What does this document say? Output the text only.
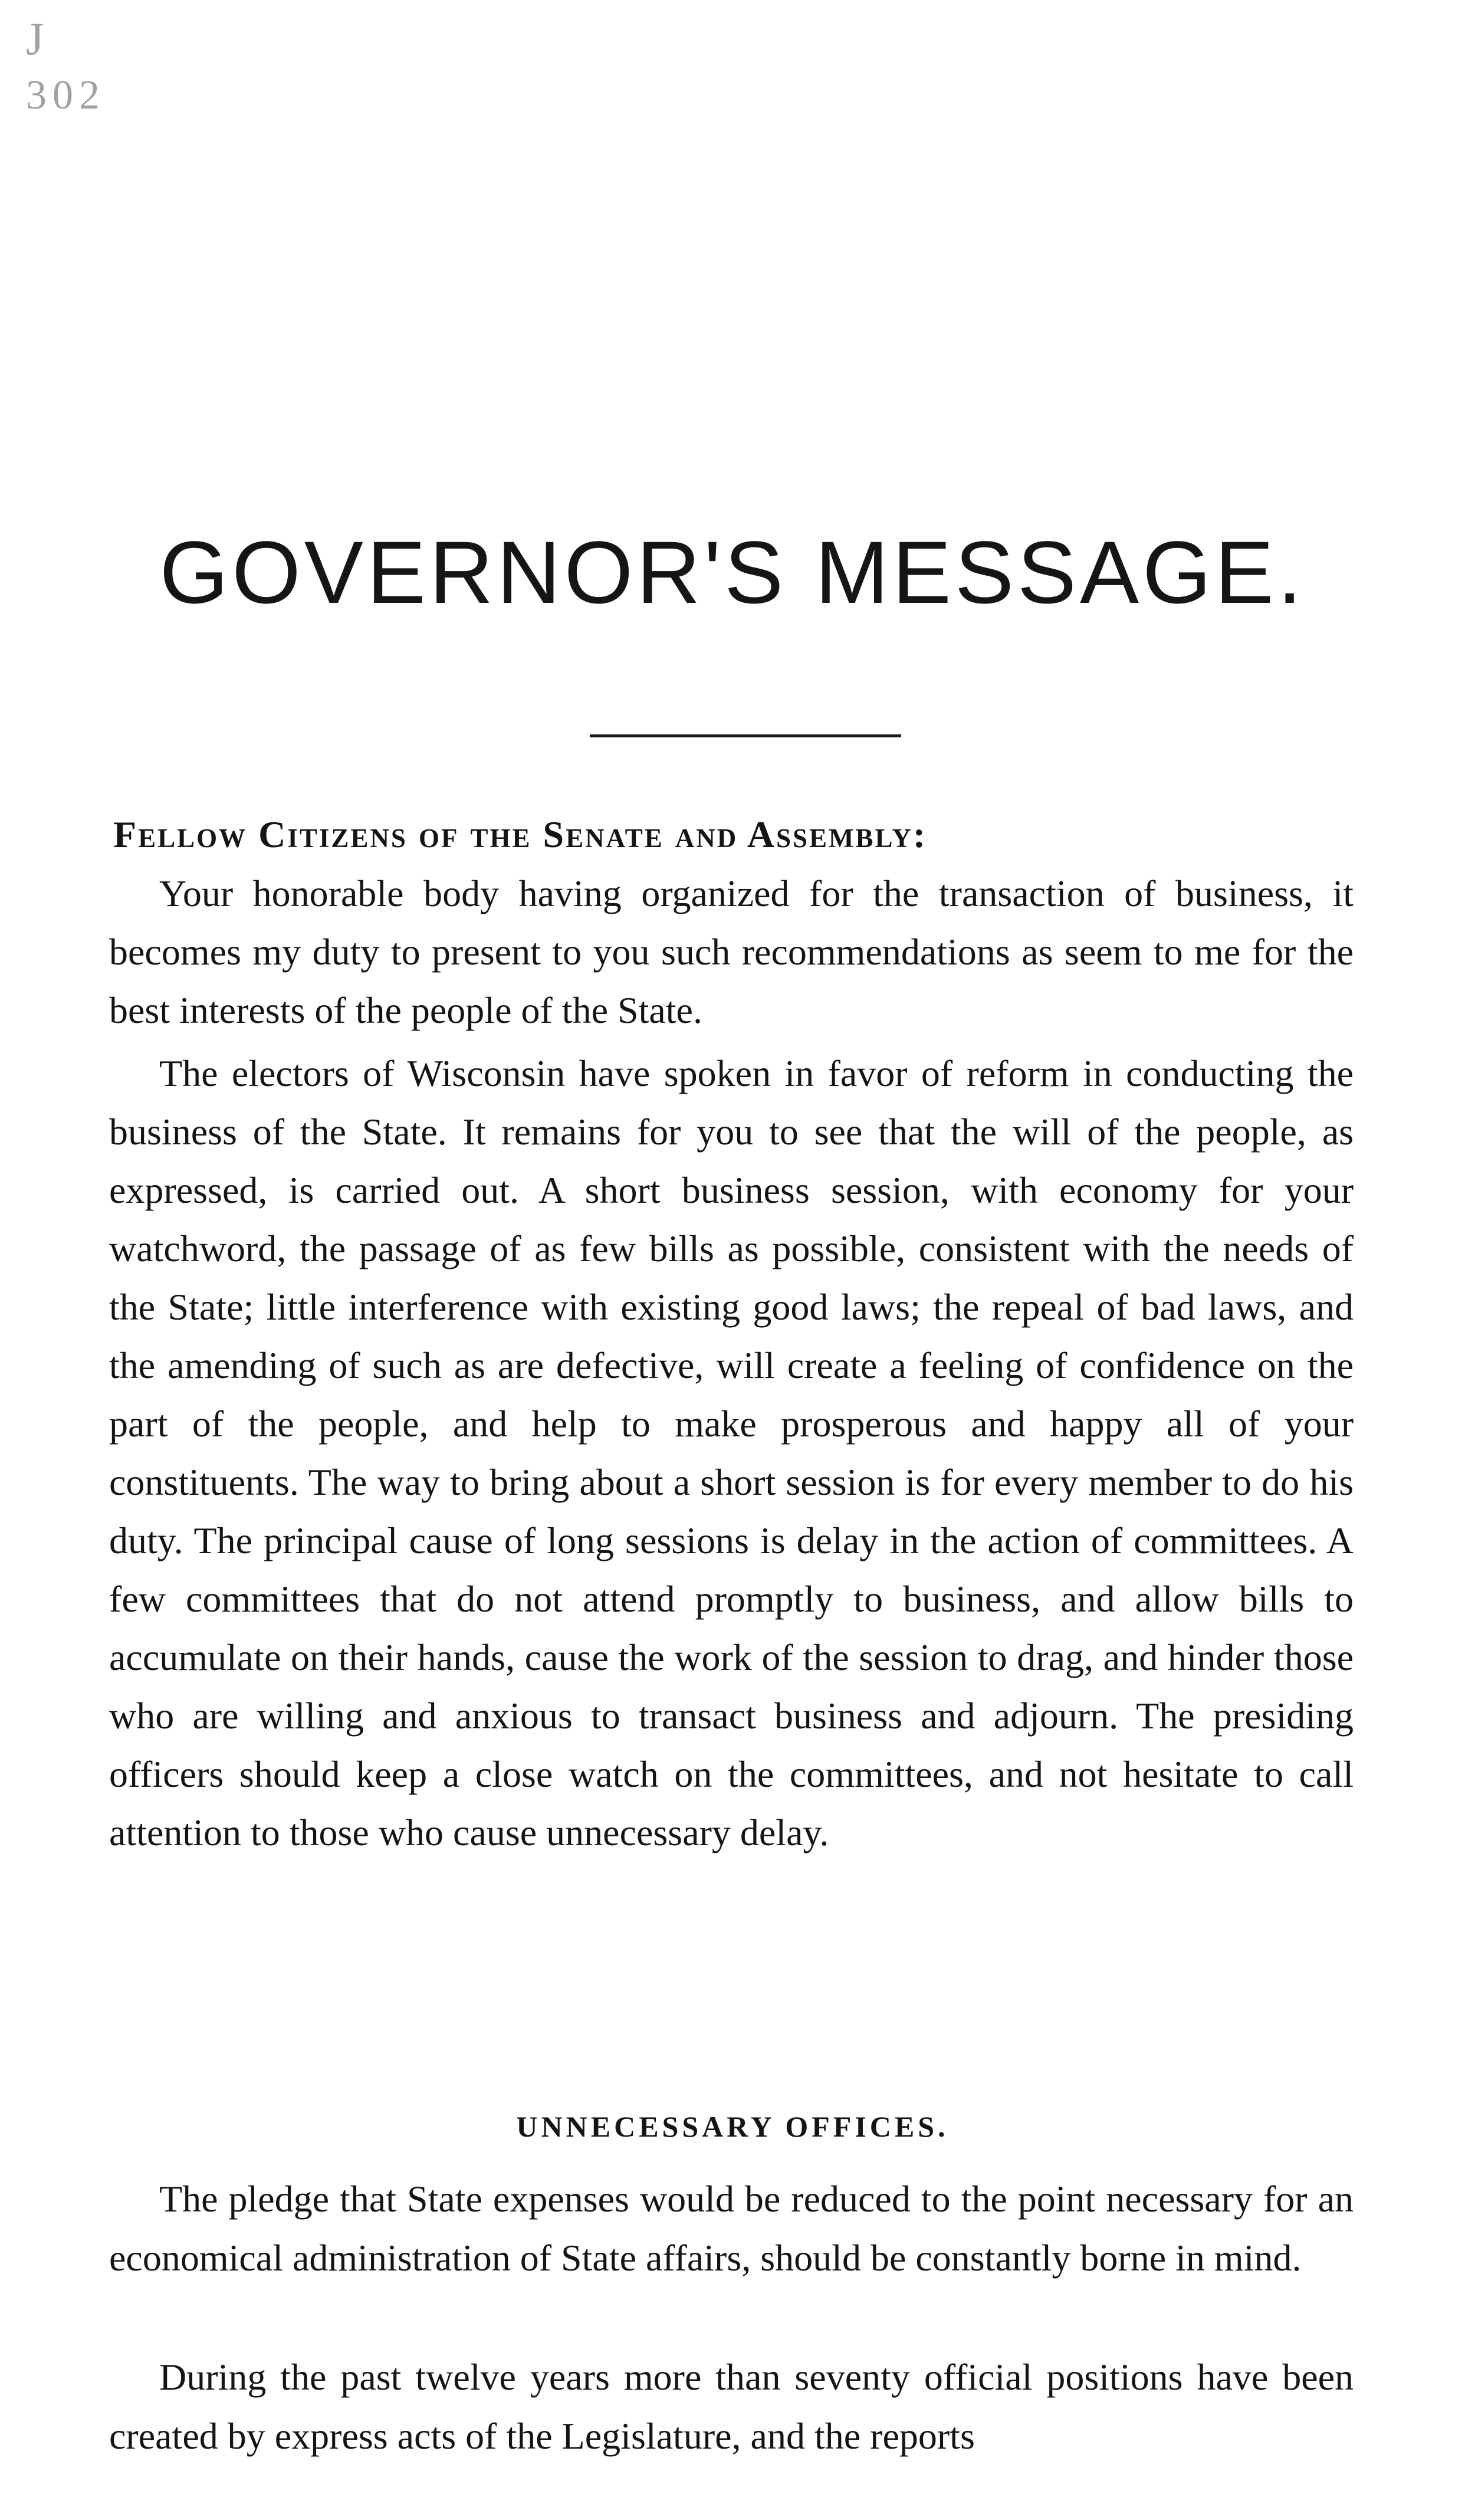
J
302
GOVERNOR'S MESSAGE.
Fellow Citizens of the Senate and Assembly:

Your honorable body having organized for the transaction of business, it becomes my duty to present to you such recommendations as seem to me for the best interests of the people of the State.

The electors of Wisconsin have spoken in favor of reform in conducting the business of the State. It remains for you to see that the will of the people, as expressed, is carried out. A short business session, with economy for your watchword, the passage of as few bills as possible, consistent with the needs of the State; little interference with existing good laws; the repeal of bad laws, and the amending of such as are defective, will create a feeling of confidence on the part of the people, and help to make prosperous and happy all of your constituents. The way to bring about a short session is for every member to do his duty. The principal cause of long sessions is delay in the action of committees. A few committees that do not attend promptly to business, and allow bills to accumulate on their hands, cause the work of the session to drag, and hinder those who are willing and anxious to transact business and adjourn. The presiding officers should keep a close watch on the committees, and not hesitate to call attention to those who cause unnecessary delay.

UNNECESSARY OFFICES.

The pledge that State expenses would be reduced to the point necessary for an economical administration of State affairs, should be constantly borne in mind.

During the past twelve years more than seventy official positions have been created by express acts of the Legislature, and the reports
